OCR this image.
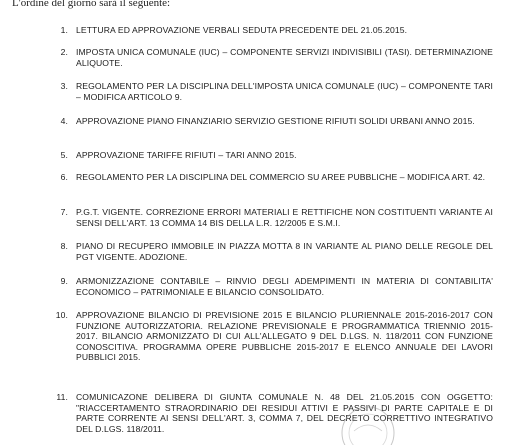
L'ordine del giorno sarà il seguente:
1. LETTURA ED APPROVAZIONE VERBALI SEDUTA PRECEDENTE DEL 21.05.2015.
2. IMPOSTA UNICA COMUNALE (IUC) – COMPONENTE SERVIZI INDIVISIBILI (TASI). DETERMINAZIONE ALIQUOTE.
3. REGOLAMENTO PER LA DISCIPLINA DELL'IMPOSTA UNICA COMUNALE (IUC) – COMPONENTE TARI – MODIFICA ARTICOLO 9.
4. APPROVAZIONE PIANO FINANZIARIO SERVIZIO GESTIONE RIFIUTI SOLIDI URBANI ANNO 2015.
5. APPROVAZIONE TARIFFE RIFIUTI – TARI ANNO 2015.
6. REGOLAMENTO PER LA DISCIPLINA DEL COMMERCIO SU AREE PUBBLICHE – MODIFICA ART. 42.
7. P.G.T. VIGENTE. CORREZIONE ERRORI MATERIALI E RETTIFICHE NON COSTITUENTI VARIANTE AI SENSI DELL'ART. 13 COMMA 14 BIS DELLA L.R. 12/2005 E S.M.I.
8. PIANO DI RECUPERO IMMOBILE IN PIAZZA MOTTA 8 IN VARIANTE AL PIANO DELLE REGOLE DEL PGT VIGENTE. ADOZIONE.
9. ARMONIZZAZIONE CONTABILE – RINVIO DEGLI ADEMPIMENTI IN MATERIA DI CONTABILITA' ECONOMICO – PATRIMONIALE E BILANCIO CONSOLIDATO.
10. APPROVAZIONE BILANCIO DI PREVISIONE 2015 E BILANCIO PLURIENNALE 2015-2016-2017 CON FUNZIONE AUTORIZZATORIA. RELAZIONE PREVISIONALE E PROGRAMMATICA TRIENNIO 2015-2017. BILANCIO ARMONIZZATO DI CUI ALL'ALLEGATO 9 DEL D.LGS. N. 118/2011 CON FUNZIONE CONOSCITIVA. PROGRAMMA OPERE PUBBLICHE 2015-2017 E ELENCO ANNUALE DEI LAVORI PUBBLICI 2015.
11. COMUNICAZONE DELIBERA DI GIUNTA COMUNALE N. 48 DEL 21.05.2015 CON OGGETTO: "RIACCERTAMENTO STRAORDINARIO DEI RESIDUI ATTIVI E PASSIVI DI PARTE CAPITALE E DI PARTE CORRENTE AI SENSI DELL'ART. 3, COMMA 7, DEL DECRETO CORRETTIVO INTEGRATIVO DEL D.LGS. 118/2011.
